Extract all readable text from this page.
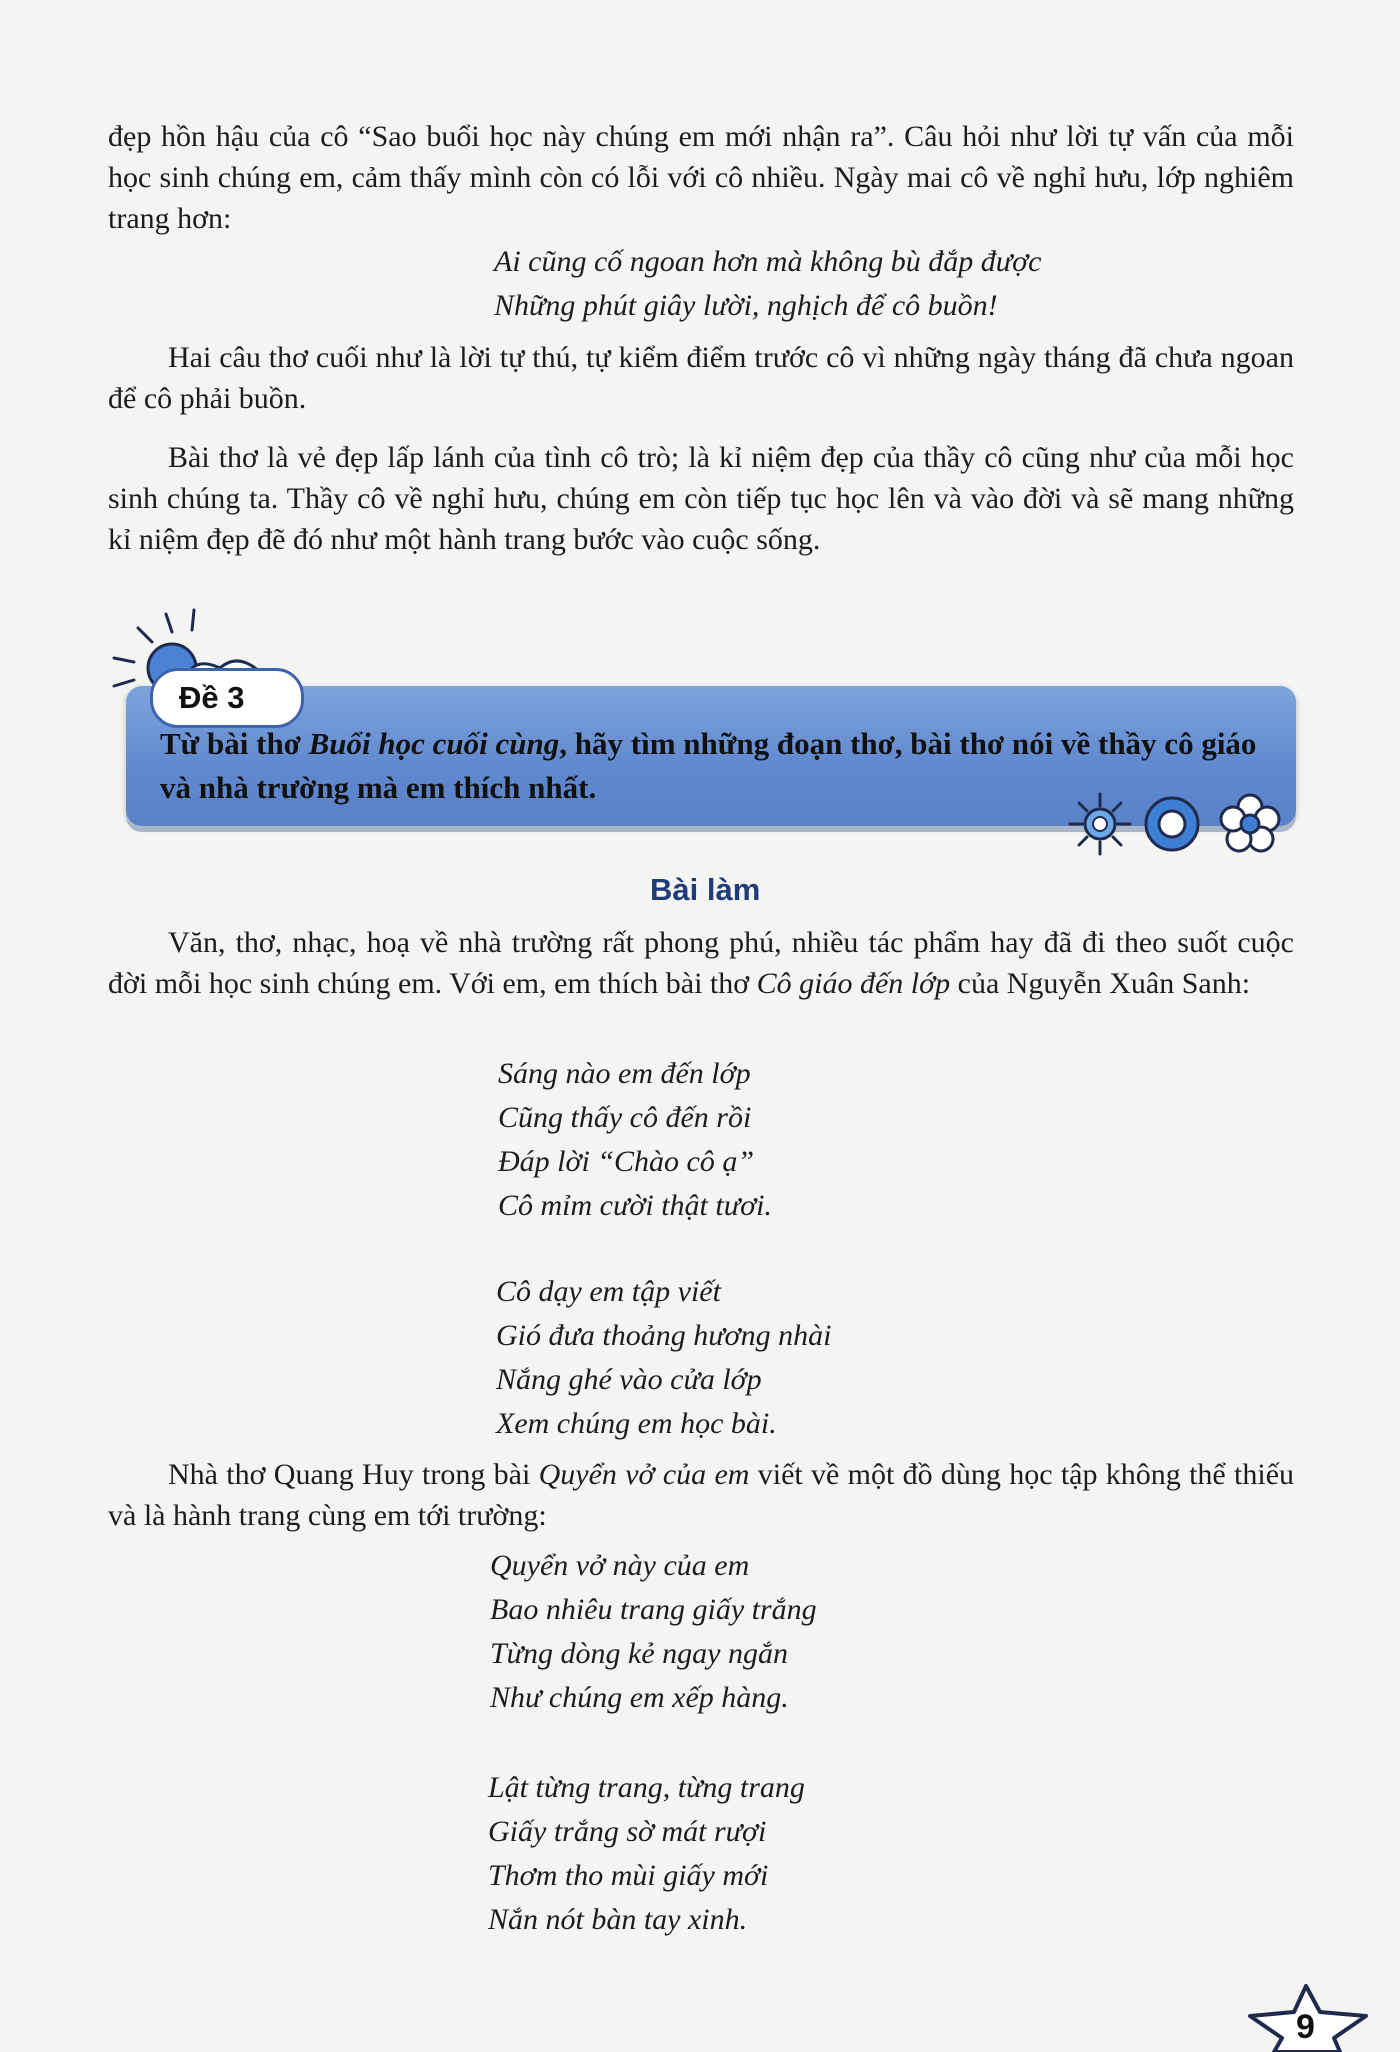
đẹp hồn hậu của cô “Sao buổi học này chúng em mới nhận ra”. Câu hỏi như lời tự vấn của mỗi học sinh chúng em, cảm thấy mình còn có lỗi với cô nhiều. Ngày mai cô về nghỉ hưu, lớp nghiêm trang hơn:

Ai cũng cố ngoan hơn mà không bù đắp được
Những phút giây lười, nghịch để cô buồn!

Hai câu thơ cuối như là lời tự thú, tự kiểm điểm trước cô vì những ngày tháng đã chưa ngoan để cô phải buồn.

Bài thơ là vẻ đẹp lấp lánh của tình cô trò; là kỉ niệm đẹp của thầy cô cũng như của mỗi học sinh chúng ta. Thầy cô về nghỉ hưu, chúng em còn tiếp tục học lên và vào đời và sẽ mang những kỉ niệm đẹp đẽ đó như một hành trang bước vào cuộc sống.

Đề 3
Từ bài thơ Buổi học cuối cùng, hãy tìm những đoạn thơ, bài thơ nói về thầy cô giáo và nhà trường mà em thích nhất.
Bài làm

Văn, thơ, nhạc, hoạ về nhà trường rất phong phú, nhiều tác phẩm hay đã đi theo suốt cuộc đời mỗi học sinh chúng em. Với em, em thích bài thơ Cô giáo đến lớp của Nguyễn Xuân Sanh:

Sáng nào em đến lớp
Cũng thấy cô đến rồi
Đáp lời “Chào cô ạ”
Cô mỉm cười thật tươi.
Cô dạy em tập viết
Gió đưa thoảng hương nhài
Nắng ghé vào cửa lớp
Xem chúng em học bài.

Nhà thơ Quang Huy trong bài Quyển vở của em viết về một đồ dùng học tập không thể thiếu và là hành trang cùng em tới trường:

Quyển vở này của em
Bao nhiêu trang giấy trắng
Từng dòng kẻ ngay ngắn
Như chúng em xếp hàng.
Lật từng trang, từng trang
Giấy trắng sờ mát rượi
Thơm tho mùi giấy mới
Nắn nót bàn tay xinh.
9
